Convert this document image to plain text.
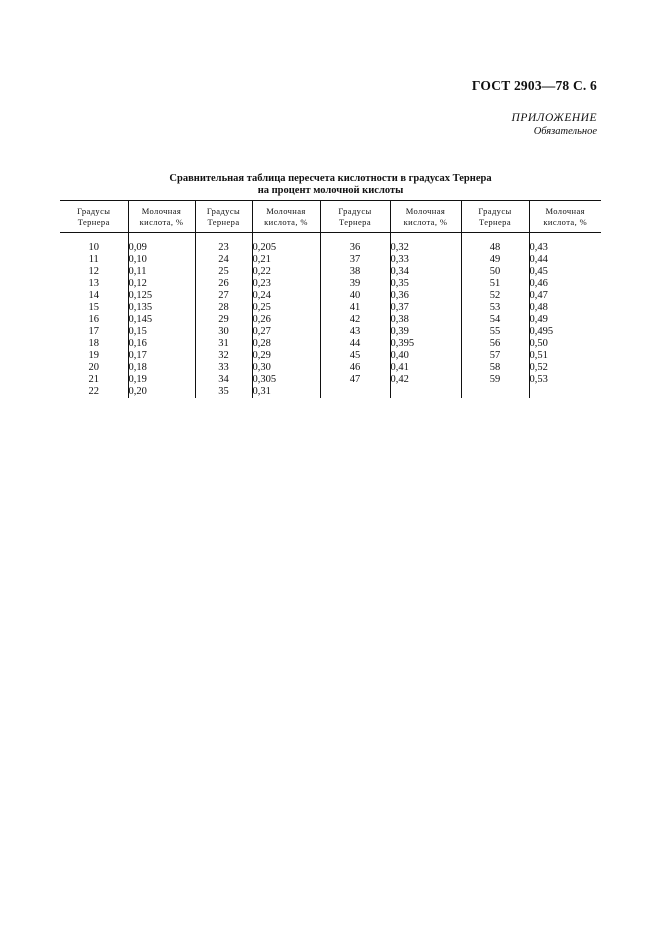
ГОСТ 2903—78 С. 6
ПРИЛОЖЕНИЕ
Обязательное
Сравнительная таблица пересчета кислотности в градусах Тернера
на процент молочной кислоты
Градусы
Тернера	Молочная
кислота, %	Градусы
Тернера	Молочная
кислота, %	Градусы
Тернера	Молочная
кислота, %	Градусы
Тернера	Молочная
кислота, %

10	0,09	23	0,205	36	0,32	48	0,43
11	0,10	24	0,21	37	0,33	49	0,44
12	0,11	25	0,22	38	0,34	50	0,45
13	0,12	26	0,23	39	0,35	51	0,46
14	0,125	27	0,24	40	0,36	52	0,47
15	0,135	28	0,25	41	0,37	53	0,48
16	0,145	29	0,26	42	0,38	54	0,49
17	0,15	30	0,27	43	0,39	55	0,495
18	0,16	31	0,28	44	0,395	56	0,50
19	0,17	32	0,29	45	0,40	57	0,51
20	0,18	33	0,30	46	0,41	58	0,52
21	0,19	34	0,305	47	0,42	59	0,53
22	0,20	35	0,31				
